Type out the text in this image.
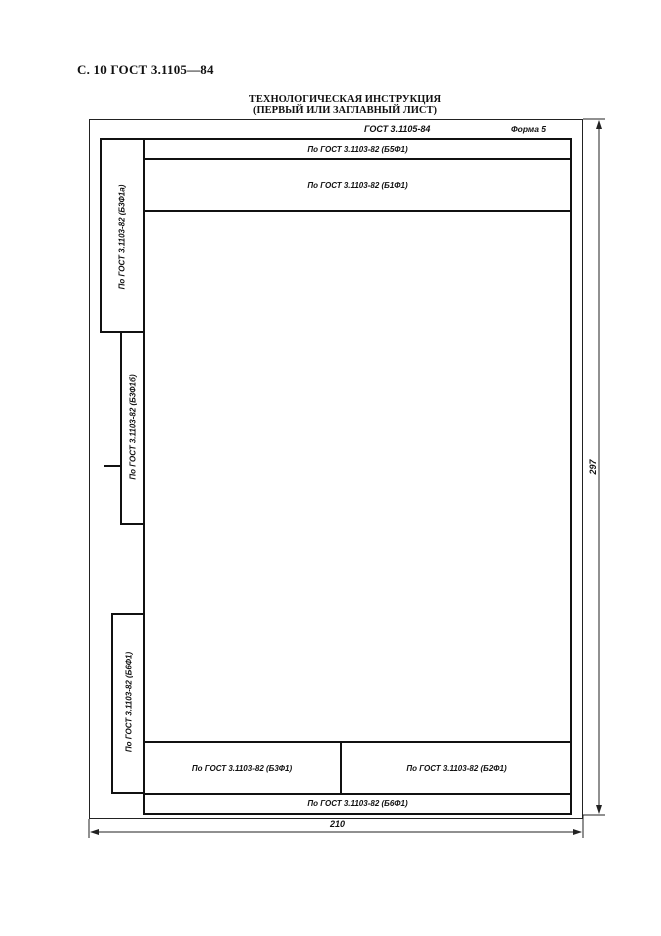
С. 10 ГОСТ 3.1105—84
ТЕХНОЛОГИЧЕСКАЯ ИНСТРУКЦИЯ
(ПЕРВЫЙ ИЛИ ЗАГЛАВНЫЙ ЛИСТ)
ГОСТ 3.1105-84	Форма 5
По ГОСТ 3.1103-82 (Б5Ф1)
По ГОСТ 3.1103-82 (Б1Ф1)
По ГОСТ 3.1103-82 (Б3Ф1)	По ГОСТ 3.1103-82 (Б2Ф1)
По ГОСТ 3.1103-82 (Б6Ф1)
По ГОСТ 3.1103-82 (Б3Ф1а)
По ГОСТ 3.1103-82 (Б3Ф1б)
По ГОСТ 3.1103-82 (Б6Ф1)
210
297
